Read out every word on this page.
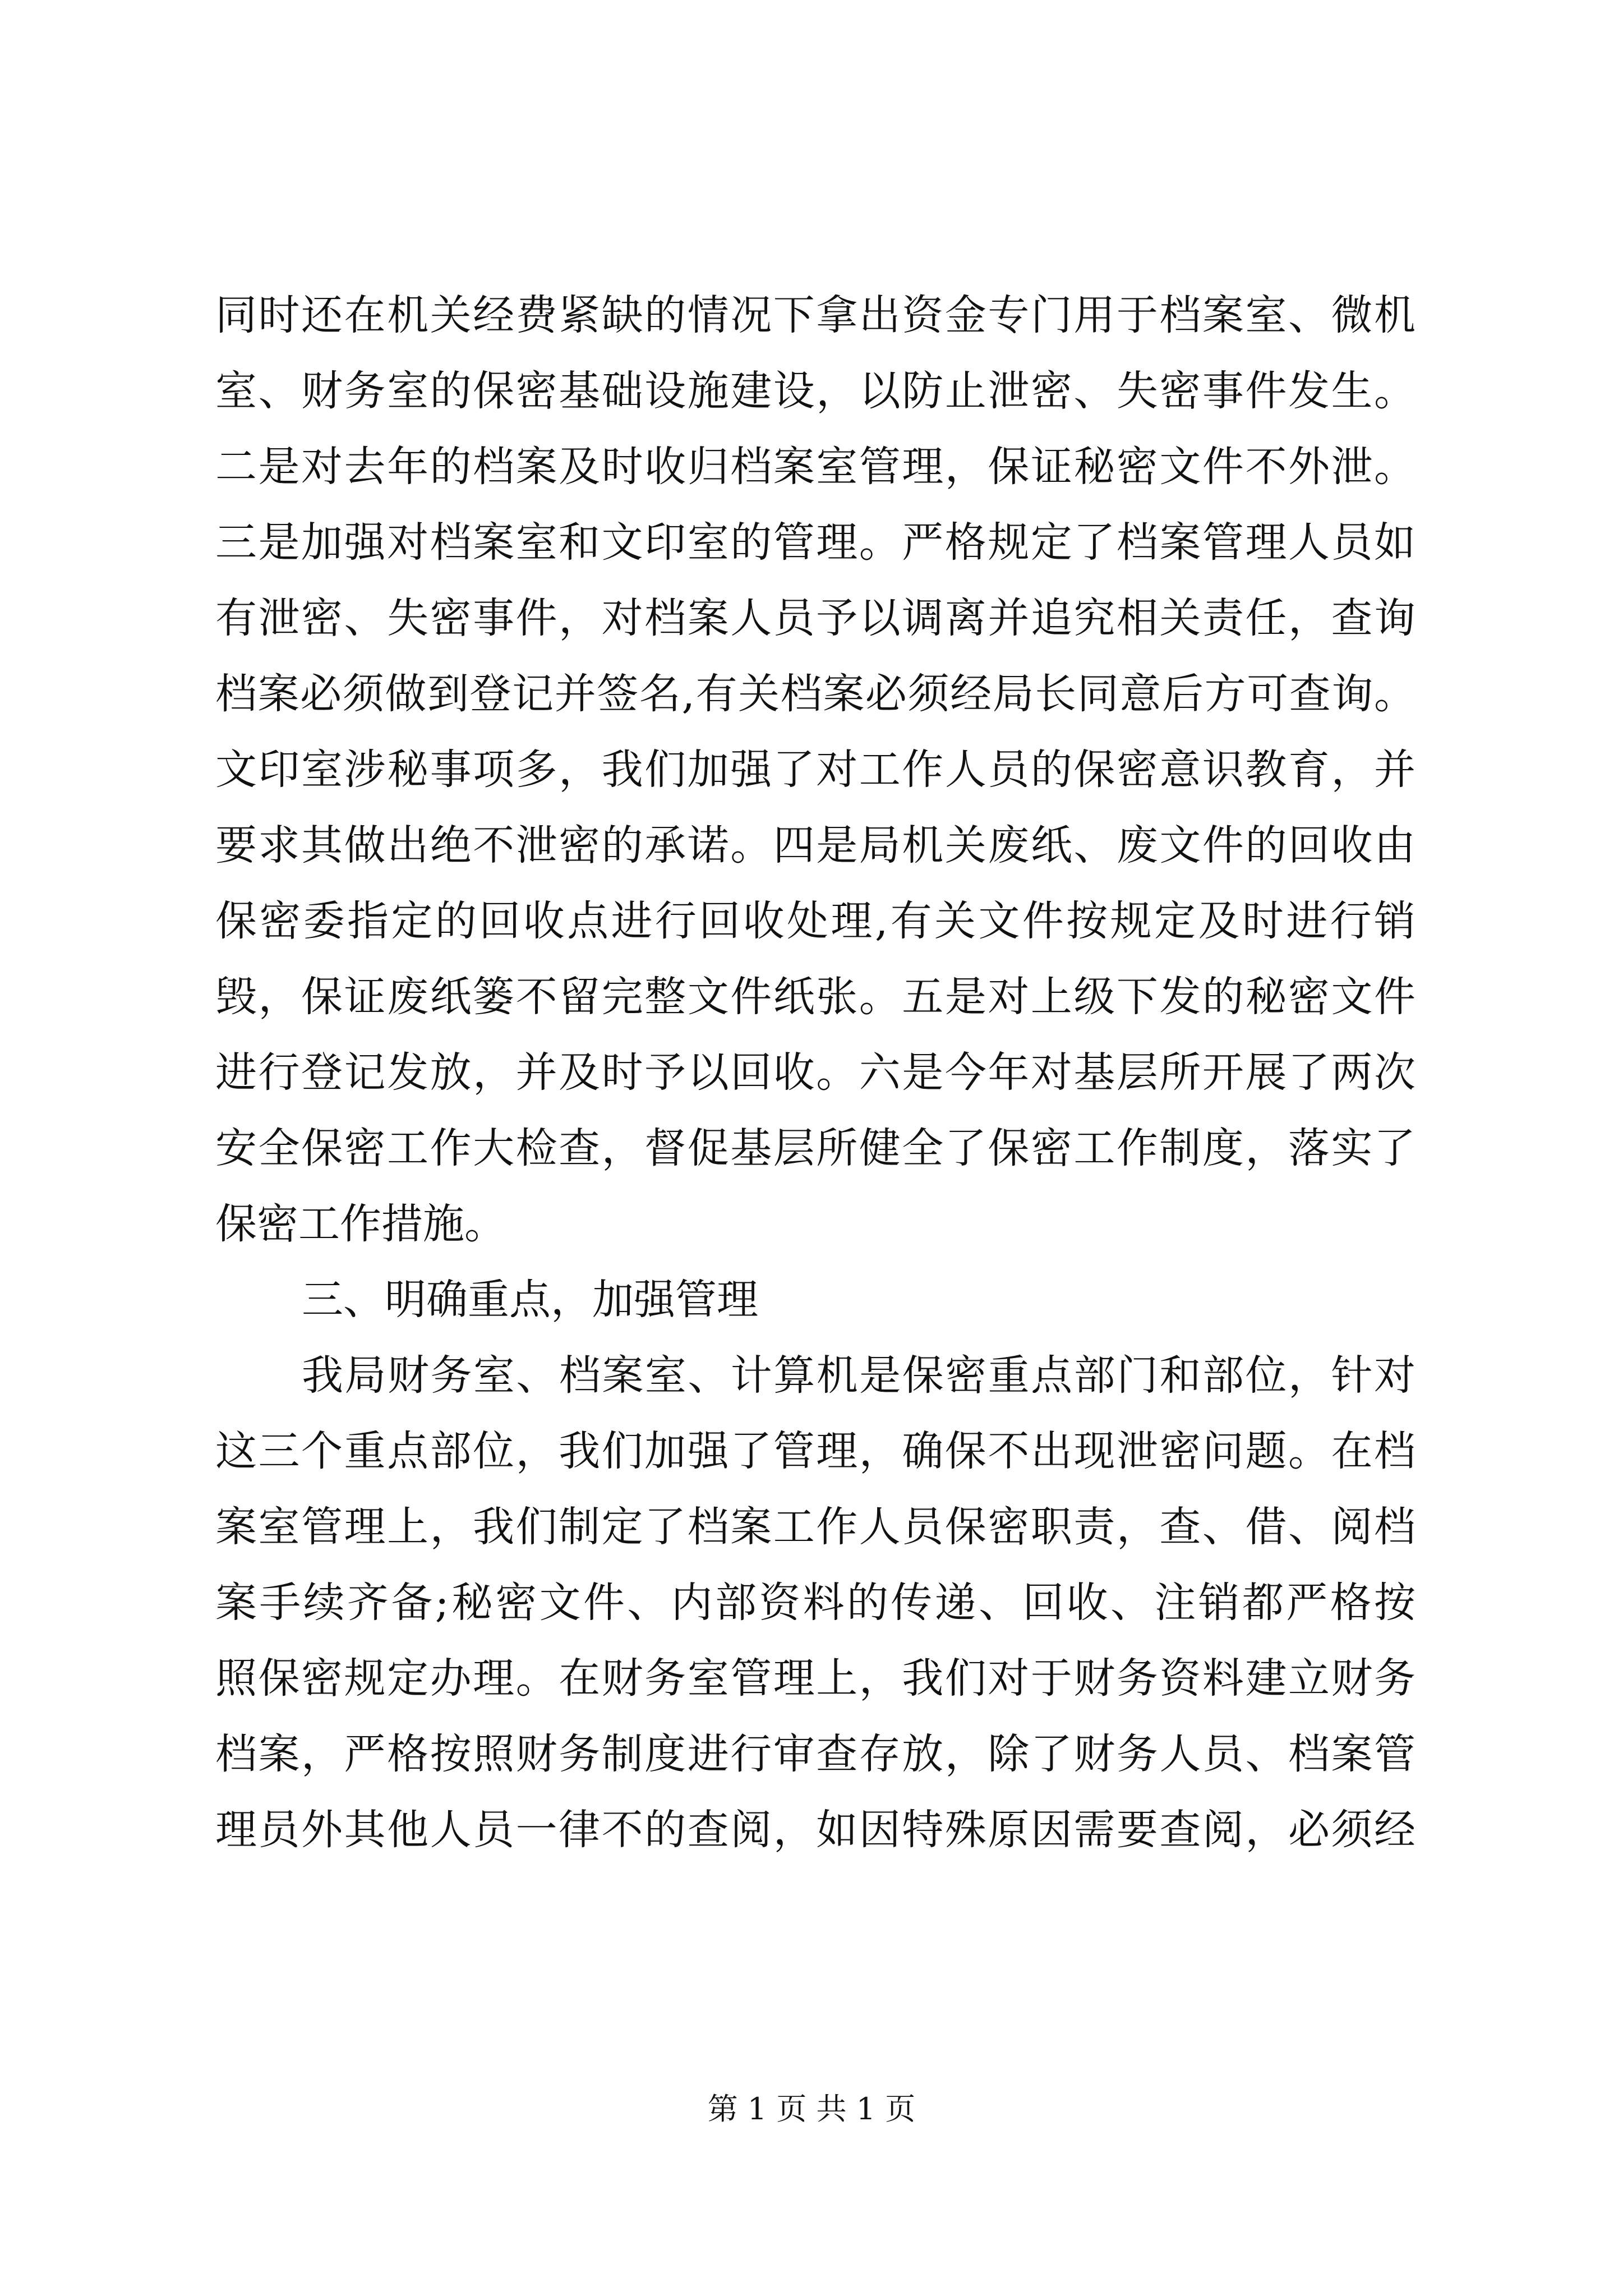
同时还在机关经费紧缺的情况下拿出资金专门用于档案室、微机
室、财务室的保密基础设施建设，以防止泄密、失密事件发生。
二是对去年的档案及时收归档案室管理，保证秘密文件不外泄。
三是加强对档案室和文印室的管理。严格规定了档案管理人员如
有泄密、失密事件，对档案人员予以调离并追究相关责任，查询
档案必须做到登记并签名,有关档案必须经局长同意后方可查询。
文印室涉秘事项多，我们加强了对工作人员的保密意识教育，并
要求其做出绝不泄密的承诺。四是局机关废纸、废文件的回收由
保密委指定的回收点进行回收处理,有关文件按规定及时进行销
毁，保证废纸篓不留完整文件纸张。五是对上级下发的秘密文件
进行登记发放，并及时予以回收。六是今年对基层所开展了两次
安全保密工作大检查，督促基层所健全了保密工作制度，落实了
保密工作措施。
三、明确重点，加强管理
我局财务室、档案室、计算机是保密重点部门和部位，针对
这三个重点部位，我们加强了管理，确保不出现泄密问题。在档
案室管理上，我们制定了档案工作人员保密职责，查、借、阅档
案手续齐备;秘密文件、内部资料的传递、回收、注销都严格按
照保密规定办理。在财务室管理上，我们对于财务资料建立财务
档案，严格按照财务制度进行审查存放，除了财务人员、档案管
理员外其他人员一律不的查阅，如因特殊原因需要查阅，必须经
第 1 页 共 1 页
